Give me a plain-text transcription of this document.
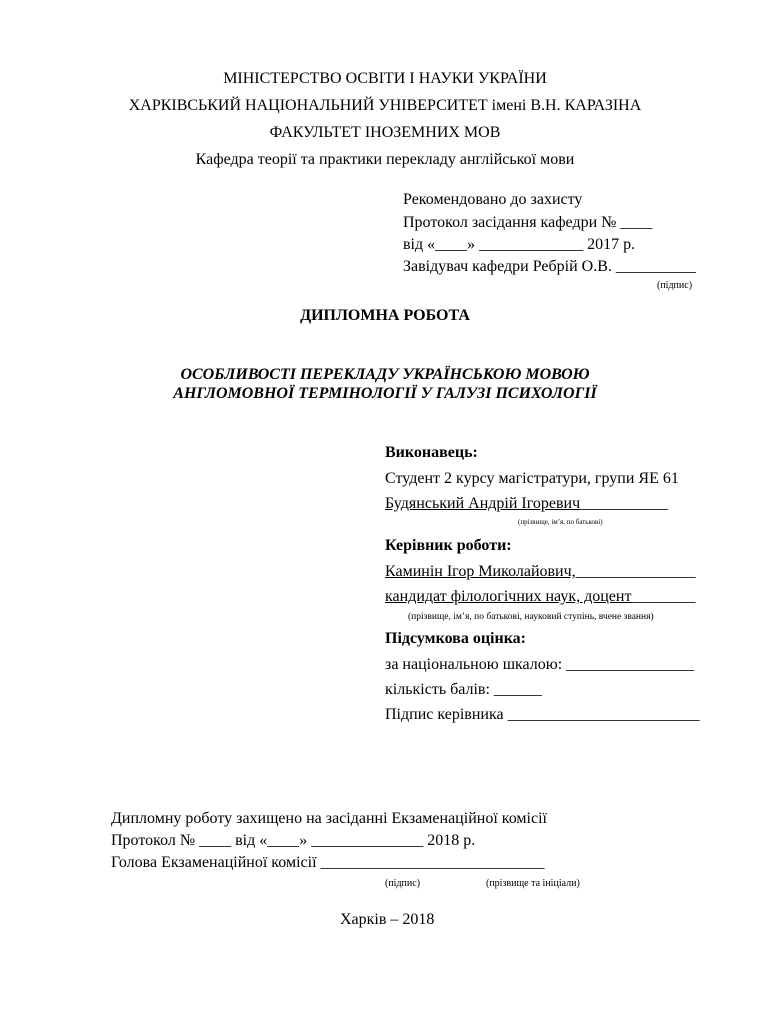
МІНІСТЕРСТВО ОСВІТИ І НАУКИ УКРАЇНИ
ХАРКІВСЬКИЙ НАЦІОНАЛЬНИЙ УНІВЕРСИТЕТ імені В.Н. КАРАЗІНА
ФАКУЛЬТЕТ ІНОЗЕМНИХ МОВ
Кафедра теорії та практики перекладу англійської мови
Рекомендовано до захисту
Протокол засідання кафедри № ____
від «____» _____________ 2017 р.
Завідувач кафедри Ребрій О.В. __________
(підпис)
ДИПЛОМНА РОБОТА
ОСОБЛИВОСТІ ПЕРЕКЛАДУ УКРАЇНСЬКОЮ МОВОЮ
АНГЛОМОВНОЇ ТЕРМІНОЛОГІЇ У ГАЛУЗІ ПСИХОЛОГІЇ
Виконавець:
Студент 2 курсу магістратури, групи ЯЕ 61
Будянський Андрій Ігоревич___________
(прізвище, ім’я, по батькові)
Керівник роботи:
Каминін Ігор Миколайович,_______________
кандидат філологічних наук, доцент________
(прізвище, ім’я, по батькові, науковий ступінь, вчене звання)
Підсумкова оцінка:
за національною шкалою: ________________
кількість балів: ______
Підпис керівника ________________________
Дипломну роботу захищено на засіданні Екзаменаційної комісії
Протокол № ____ від «____» ______________ 2018 р.
Голова Екзаменаційної комісії ____________________________
(підпис)	(прізвище та ініціали)
Харків – 2018
